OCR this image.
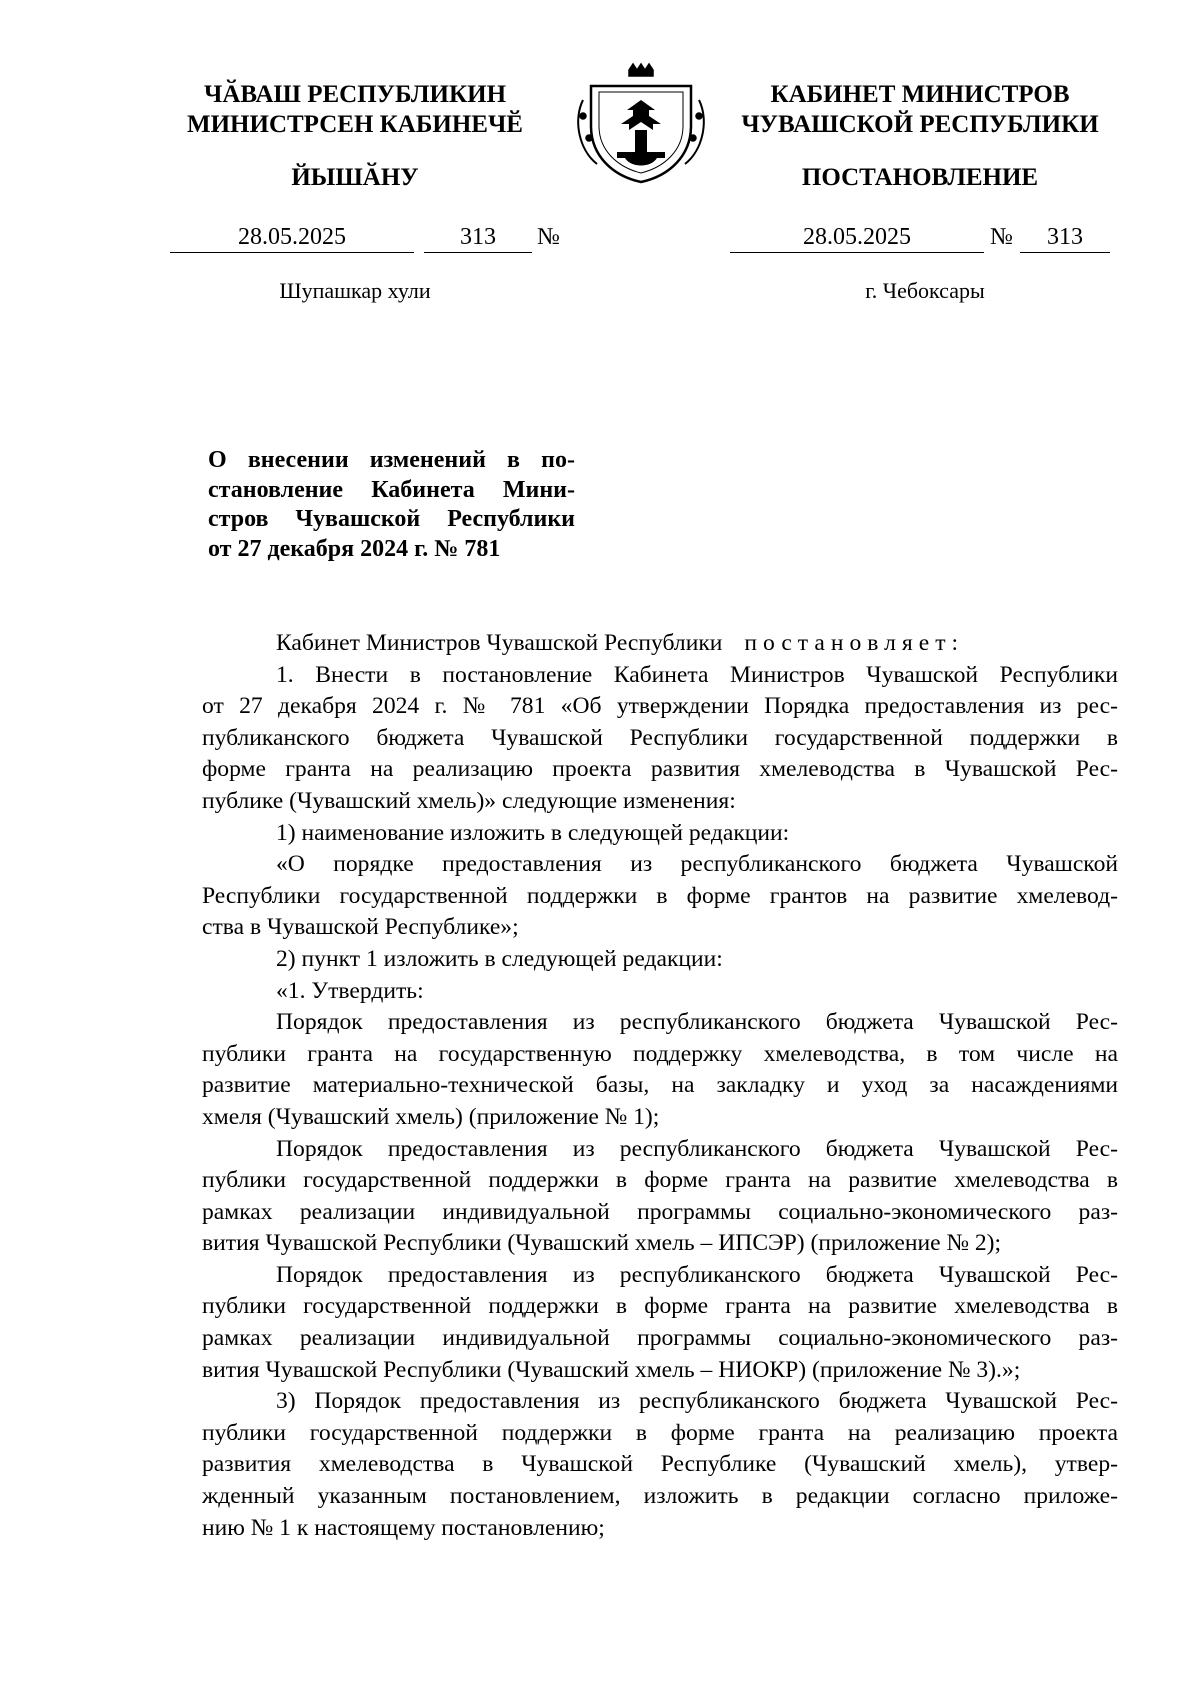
ЧӐВАШ РЕСПУБЛИКИН
МИНИСТРСЕН КАБИНЕЧӖ
ЙЫШӐНУ
КАБИНЕТ МИНИСТРОВ
ЧУВАШСКОЙ РЕСПУБЛИКИ
ПОСТАНОВЛЕНИЕ
28.05.2025	313	№	28.05.2025	№	313
Шупашкар хули	г. Чебоксары
О внесении изменений в по-
становление Кабинета Мини-
стров Чувашской Республики
от 27 декабря 2024 г. № 781
Кабинет Министров Чувашской Республики постановляет:
1. Внести в постановление Кабинета Министров Чувашской Республики
от 27 декабря 2024 г. № 781 «Об утверждении Порядка предоставления из рес-
публиканского бюджета Чувашской Республики государственной поддержки в
форме гранта на реализацию проекта развития хмелеводства в Чувашской Рес-
публике (Чувашский хмель)» следующие изменения:
1) наименование изложить в следующей редакции:
«О порядке предоставления из республиканского бюджета Чувашской
Республики государственной поддержки в форме грантов на развитие хмелевод-
ства в Чувашской Республике»;
2) пункт 1 изложить в следующей редакции:
«1. Утвердить:
Порядок предоставления из республиканского бюджета Чувашской Рес-
публики гранта на государственную поддержку хмелеводства, в том числе на
развитие материально-технической базы, на закладку и уход за насаждениями
хмеля (Чувашский хмель) (приложение № 1);
Порядок предоставления из республиканского бюджета Чувашской Рес-
публики государственной поддержки в форме гранта на развитие хмелеводства в
рамках реализации индивидуальной программы социально-экономического раз-
вития Чувашской Республики (Чувашский хмель – ИПСЭР) (приложение № 2);
Порядок предоставления из республиканского бюджета Чувашской Рес-
публики государственной поддержки в форме гранта на развитие хмелеводства в
рамках реализации индивидуальной программы социально-экономического раз-
вития Чувашской Республики (Чувашский хмель – НИОКР) (приложение № 3).»;
3) Порядок предоставления из республиканского бюджета Чувашской Рес-
публики государственной поддержки в форме гранта на реализацию проекта
развития хмелеводства в Чувашской Республике (Чувашский хмель), утвер-
жденный указанным постановлением, изложить в редакции согласно приложе-
нию № 1 к настоящему постановлению;
